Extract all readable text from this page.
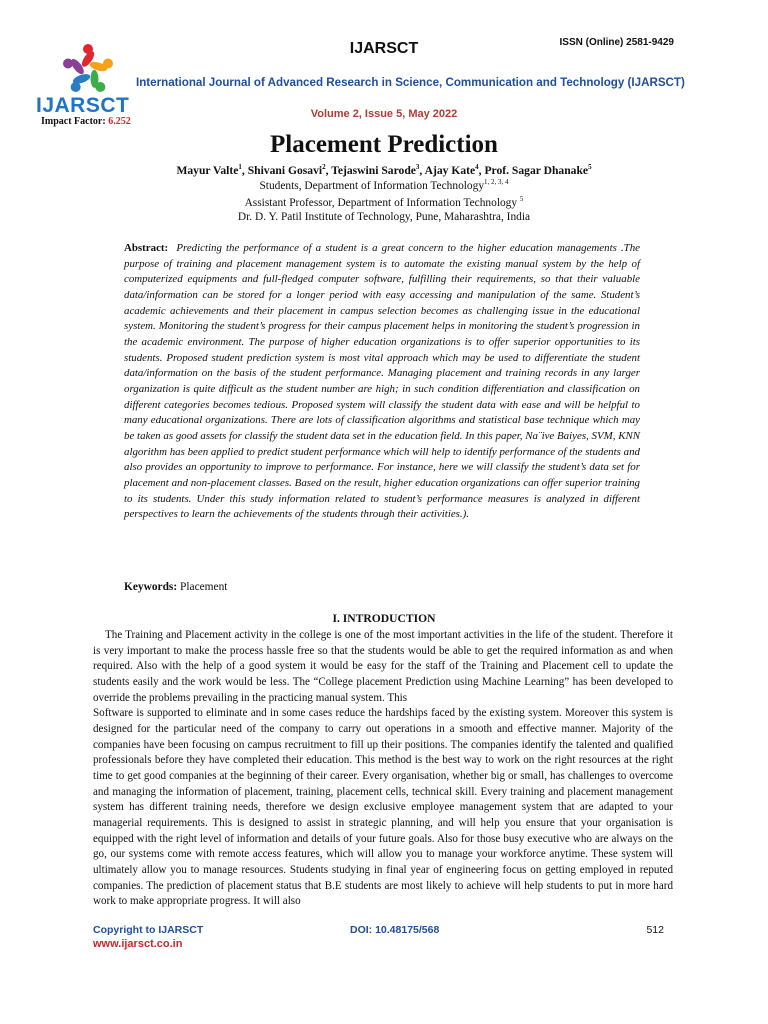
IJARSCT
Impact Factor: 6.252
IJARSCT	ISSN (Online) 2581-9429
International Journal of Advanced Research in Science, Communication and Technology (IJARSCT)
Volume 2, Issue 5, May 2022
Placement Prediction
Mayur Valte$^1$, Shivani Gosavi$^2$, Tejaswini Sarode$^3$, Ajay Kate$^4$, Prof. Sagar Dhanake$^5$
Students, Department of Information Technology$^{1, 2, 3, 4}$
Assistant Professor, Department of Information Technology $^5$
Dr. D. Y. Patil Institute of Technology, Pune, Maharashtra, India
Abstract: Predicting the performance of a student is a great concern to the higher education managements .The purpose of training and placement management system is to automate the existing manual system by the help of computerized equipments and full-fledged computer software, fulfilling their requirements, so that their valuable data/information can be stored for a longer period with easy accessing and manipulation of the same. Student’s academic achievements and their placement in campus selection becomes as challenging issue in the educational system. Monitoring the student’s progress for their campus placement helps in monitoring the student’s progression in the academic environment. The purpose of higher education organizations is to offer superior opportunities to its students. Proposed student prediction system is most vital approach which may be used to differentiate the student data/information on the basis of the student performance. Managing placement and training records in any larger organization is quite difficult as the student number are high; in such condition differentiation and classification on different categories becomes tedious. Proposed system will classify the student data with ease and will be helpful to many educational organizations. There are lots of classification algorithms and statistical base technique which may be taken as good assets for classify the student data set in the education field. In this paper, Na¨ive Baiyes, SVM, KNN algorithm has been applied to predict student performance which will help to identify performance of the students and also provides an opportunity to improve to performance. For instance, here we will classify the student’s data set for placement and non-placement classes. Based on the result, higher education organizations can offer superior training to its students. Under this study information related to student’s performance measures is analyzed in different perspectives to learn the achievements of the students through their activities.).
Keywords: Placement
I. INTRODUCTION

The Training and Placement activity in the college is one of the most important activities in the life of the student. Therefore it is very important to make the process hassle free so that the students would be able to get the required information as and when required. Also with the help of a good system it would be easy for the staff of the Training and Placement cell to update the students easily and the work would be less. The “College placement Prediction using Machine Learning” has been developed to override the problems prevailing in the practicing manual system. This

Software is supported to eliminate and in some cases reduce the hardships faced by the existing system. Moreover this system is designed for the particular need of the company to carry out operations in a smooth and effective manner. Majority of the companies have been focusing on campus recruitment to fill up their positions. The companies identify the talented and qualified professionals before they have completed their education. This method is the best way to work on the right resources at the right time to get good companies at the beginning of their career. Every organisation, whether big or small, has challenges to overcome and managing the information of placement, training, placement cells, technical skill. Every training and placement management system has different training needs, therefore we design exclusive employee management system that are adapted to your managerial requirements. This is designed to assist in strategic planning, and will help you ensure that your organisation is equipped with the right level of information and details of your future goals. Also for those busy executive who are always on the go, our systems come with remote access features, which will allow you to manage your workforce anytime. These system will ultimately allow you to manage resources. Students studying in final year of engineering focus on getting employed in reputed companies. The prediction of placement status that B.E students are most likely to achieve will help students to put in more hard work to make appropriate progress. It will also

Copyright to IJARSCT
www.ijarsct.co.in
DOI: 10.48175/568	512
